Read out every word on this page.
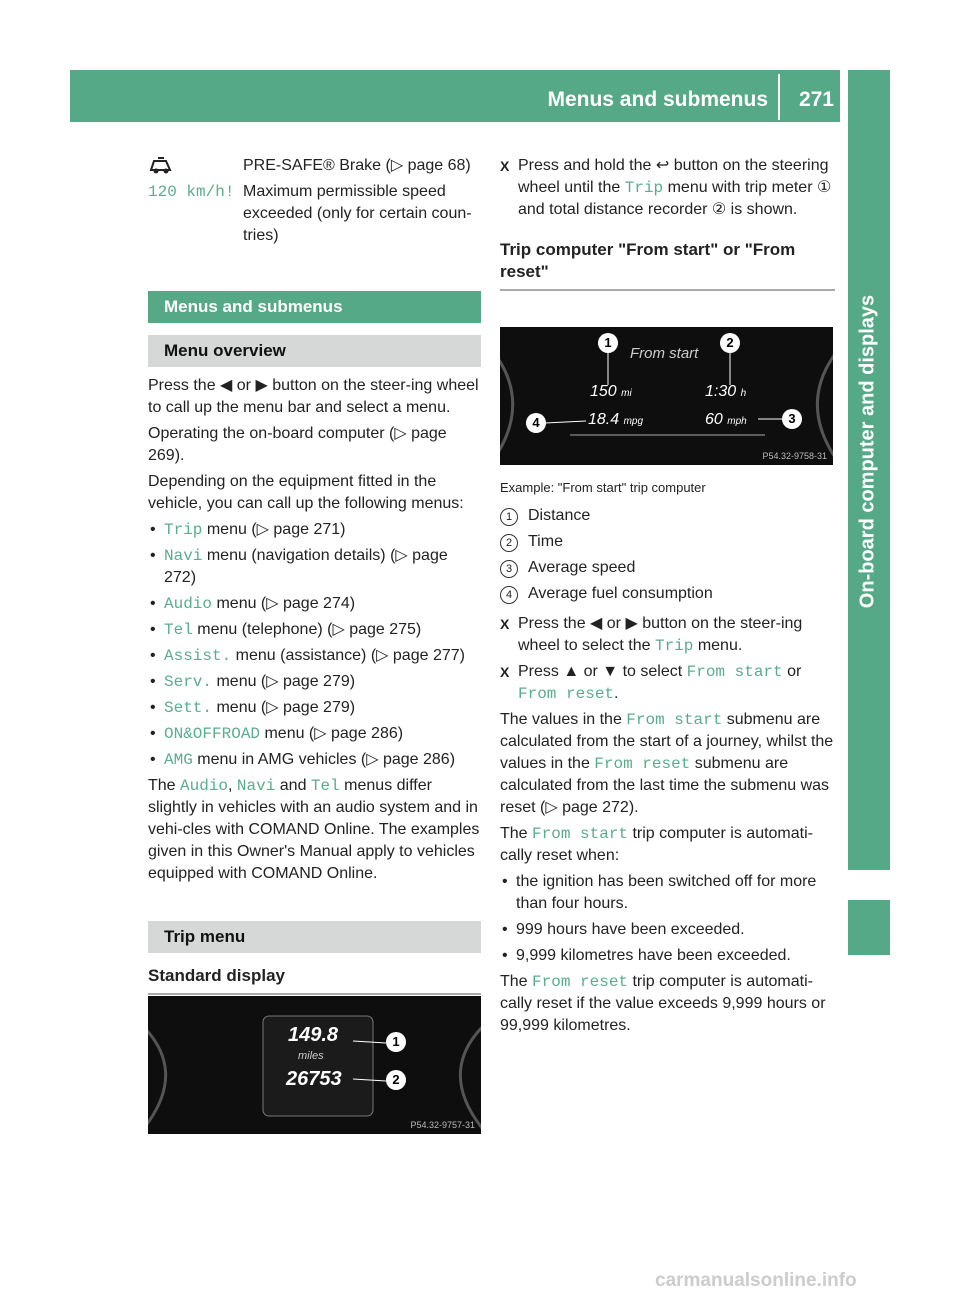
Menus and submenus 271
On-board computer and displays
PRE-SAFE® Brake (▷ page 68)
120 km/h! Maximum permissible speed exceeded (only for certain coun-tries)
Menus and submenus
Menu overview

Press the ◀ or ▶ button on the steer-ing wheel to call up the menu bar and select a menu.

Operating the on-board computer (▷ page 269).

Depending on the equipment fitted in the vehicle, you can call up the following menus:

• Trip menu (▷ page 271)
• Navi menu (navigation details) (▷ page 272)
• Audio menu (▷ page 274)
• Tel menu (telephone) (▷ page 275)
• Assist. menu (assistance) (▷ page 277)
• Serv. menu (▷ page 279)
• Sett. menu (▷ page 279)
• ON&OFFROAD menu (▷ page 286)
• AMG menu in AMG vehicles (▷ page 286)

The Audio, Navi and Tel menus differ slightly in vehicles with an audio system and in vehi-cles with COMAND Online. The examples given in this Owner's Manual apply to vehicles equipped with COMAND Online.

Trip menu
Standard display
149.8
miles
26753
1
2
P54.32-9757-31
X Press and hold the ↩ button on the steering wheel until the Trip menu with trip meter ① and total distance recorder ② is shown.
Trip computer "From start" or "From reset"
From start
150 mi	1:30 h
18.4 mpg	60 mph
1	2
3
4
P54.32-9758-31

Example: "From start" trip computer

1 Distance
2 Time
3 Average speed
4 Average fuel consumption
X Press the ◀ or ▶ button on the steer-ing wheel to select the Trip menu.
X Press ▲ or ▼ to select From start or From reset.

The values in the From start submenu are calculated from the start of a journey, whilst the values in the From reset submenu are calculated from the last time the submenu was reset (▷ page 272).

The From start trip computer is automati-cally reset when:

• the ignition has been switched off for more than four hours.
• 999 hours have been exceeded.
• 9,999 kilometres have been exceeded.

The From reset trip computer is automati-cally reset if the value exceeds 9,999 hours or 99,999 kilometres.

carmanualsonline.info
